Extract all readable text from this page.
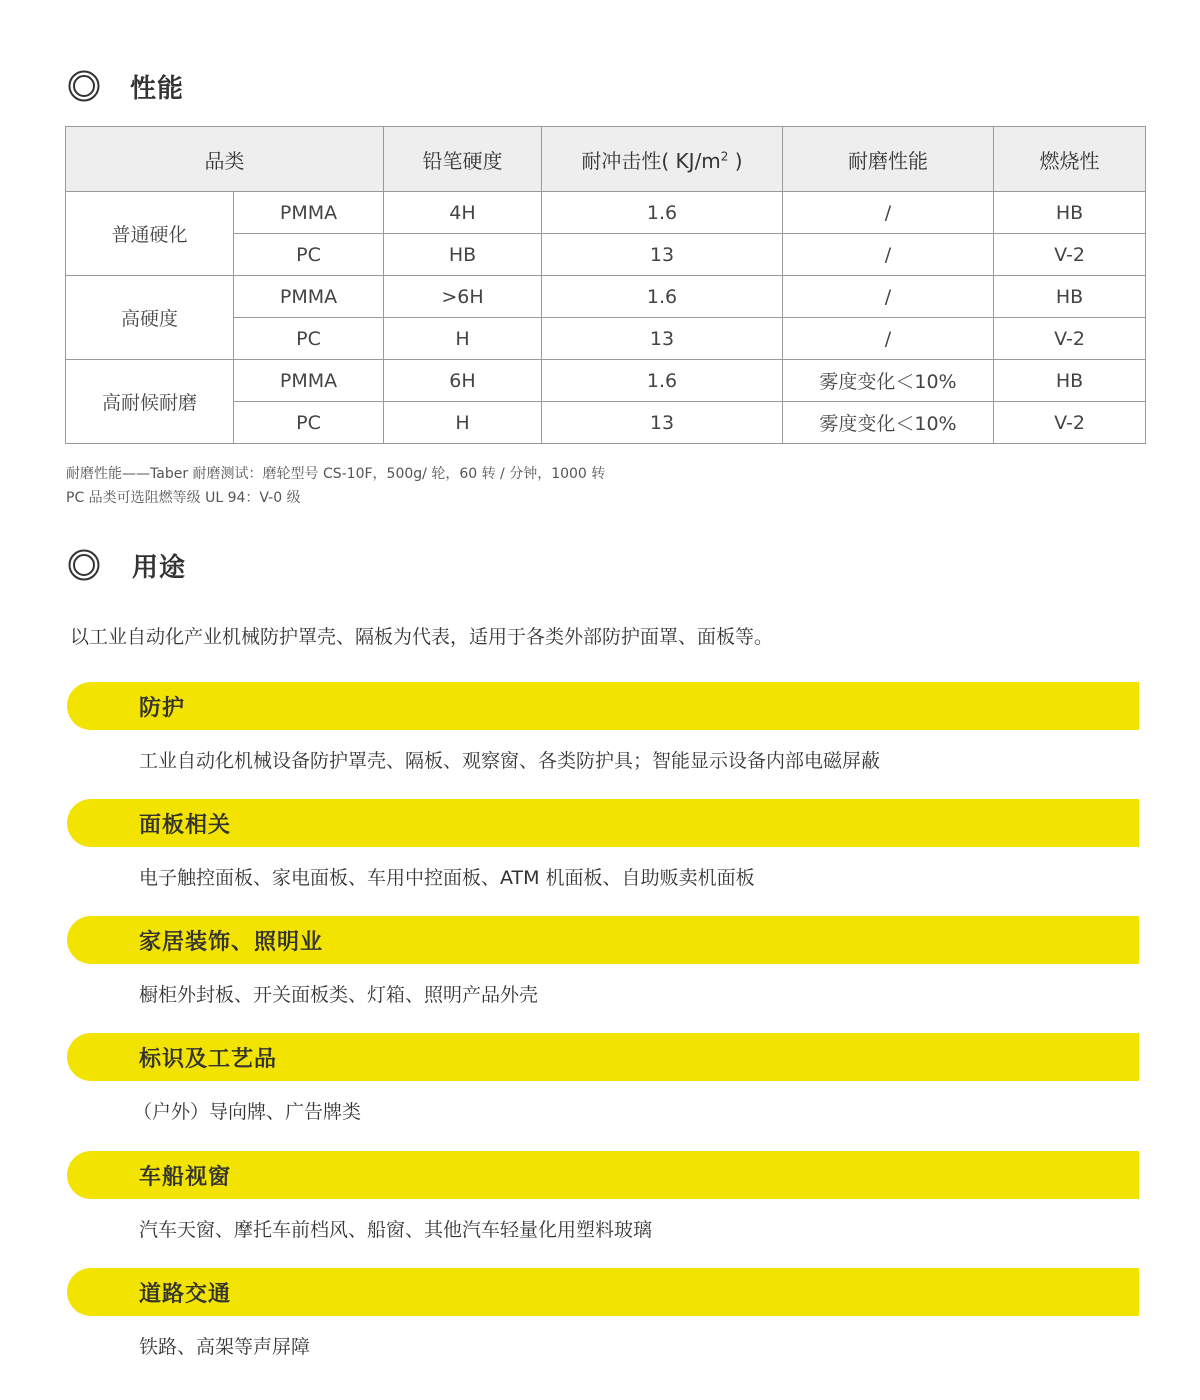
性能
品类		铅笔硬度	耐冲击性( $KJ/m^2$ )	耐磨性能	燃烧性
普通硬化	PMMA	4H	1.6	/	HB
	PC	HB	13	/	V-2
高硬度	PMMA	>6H	1.6	/	HB
	PC	H	13	/	V-2
高耐候耐磨	PMMA	6H	1.6	雾度变化＜10%	HB
	PC	H	13	雾度变化＜10%	V-2
耐磨性能——Taber 耐磨测试：磨轮型号 CS-10F，500g/ 轮，60 转 / 分钟，1000 转
PC 品类可选阻燃等级 UL 94：V-0 级
用途
以工业自动化产业机械防护罩壳、隔板为代表，适用于各类外部防护面罩、面板等。
防护
工业自动化机械设备防护罩壳、隔板、观察窗、各类防护具；智能显示设备内部电磁屏蔽
面板相关
电子触控面板、家电面板、车用中控面板、ATM 机面板、自助贩卖机面板
家居装饰、照明业
橱柜外封板、开关面板类、灯箱、照明产品外壳
标识及工艺品
（户外）导向牌、广告牌类
车船视窗
汽车天窗、摩托车前档风、船窗、其他汽车轻量化用塑料玻璃
道路交通
铁路、高架等声屏障
